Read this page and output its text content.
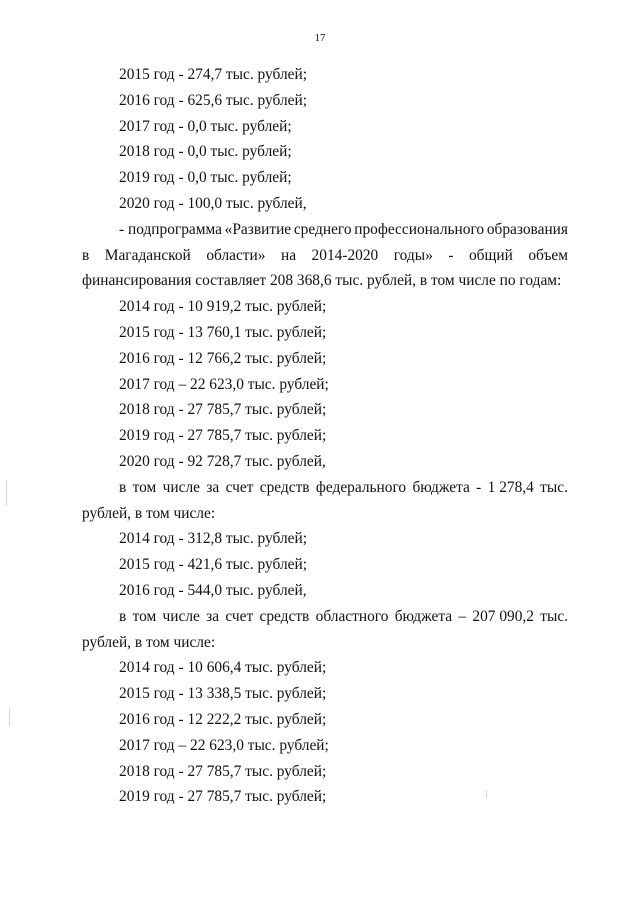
17
2015 год - 274,7 тыс. рублей;
2016 год - 625,6 тыс. рублей;
2017 год - 0,0 тыс. рублей;
2018 год - 0,0 тыс. рублей;
2019 год - 0,0 тыс. рублей;
2020 год - 100,0 тыс. рублей,
- подпрограмма «Развитие среднего профессионального образования
в Магаданской области» на 2014-2020 годы» - общий объем
финансирования составляет 208 368,6 тыс. рублей, в том числе по годам:
2014 год - 10 919,2 тыс. рублей;
2015 год - 13 760,1 тыс. рублей;
2016 год - 12 766,2 тыс. рублей;
2017 год – 22 623,0 тыс. рублей;
2018 год - 27 785,7 тыс. рублей;
2019 год - 27 785,7 тыс. рублей;
2020 год - 92 728,7 тыс. рублей,
в том числе за счет средств федерального бюджета - 1 278,4 тыс.
рублей, в том числе:
2014 год - 312,8 тыс. рублей;
2015 год - 421,6 тыс. рублей;
2016 год - 544,0 тыс. рублей,
в том числе за счет средств областного бюджета – 207 090,2 тыс.
рублей, в том числе:
2014 год - 10 606,4 тыс. рублей;
2015 год - 13 338,5 тыс. рублей;
2016 год - 12 222,2 тыс. рублей;
2017 год – 22 623,0 тыс. рублей;
2018 год - 27 785,7 тыс. рублей;
2019 год - 27 785,7 тыс. рублей;
